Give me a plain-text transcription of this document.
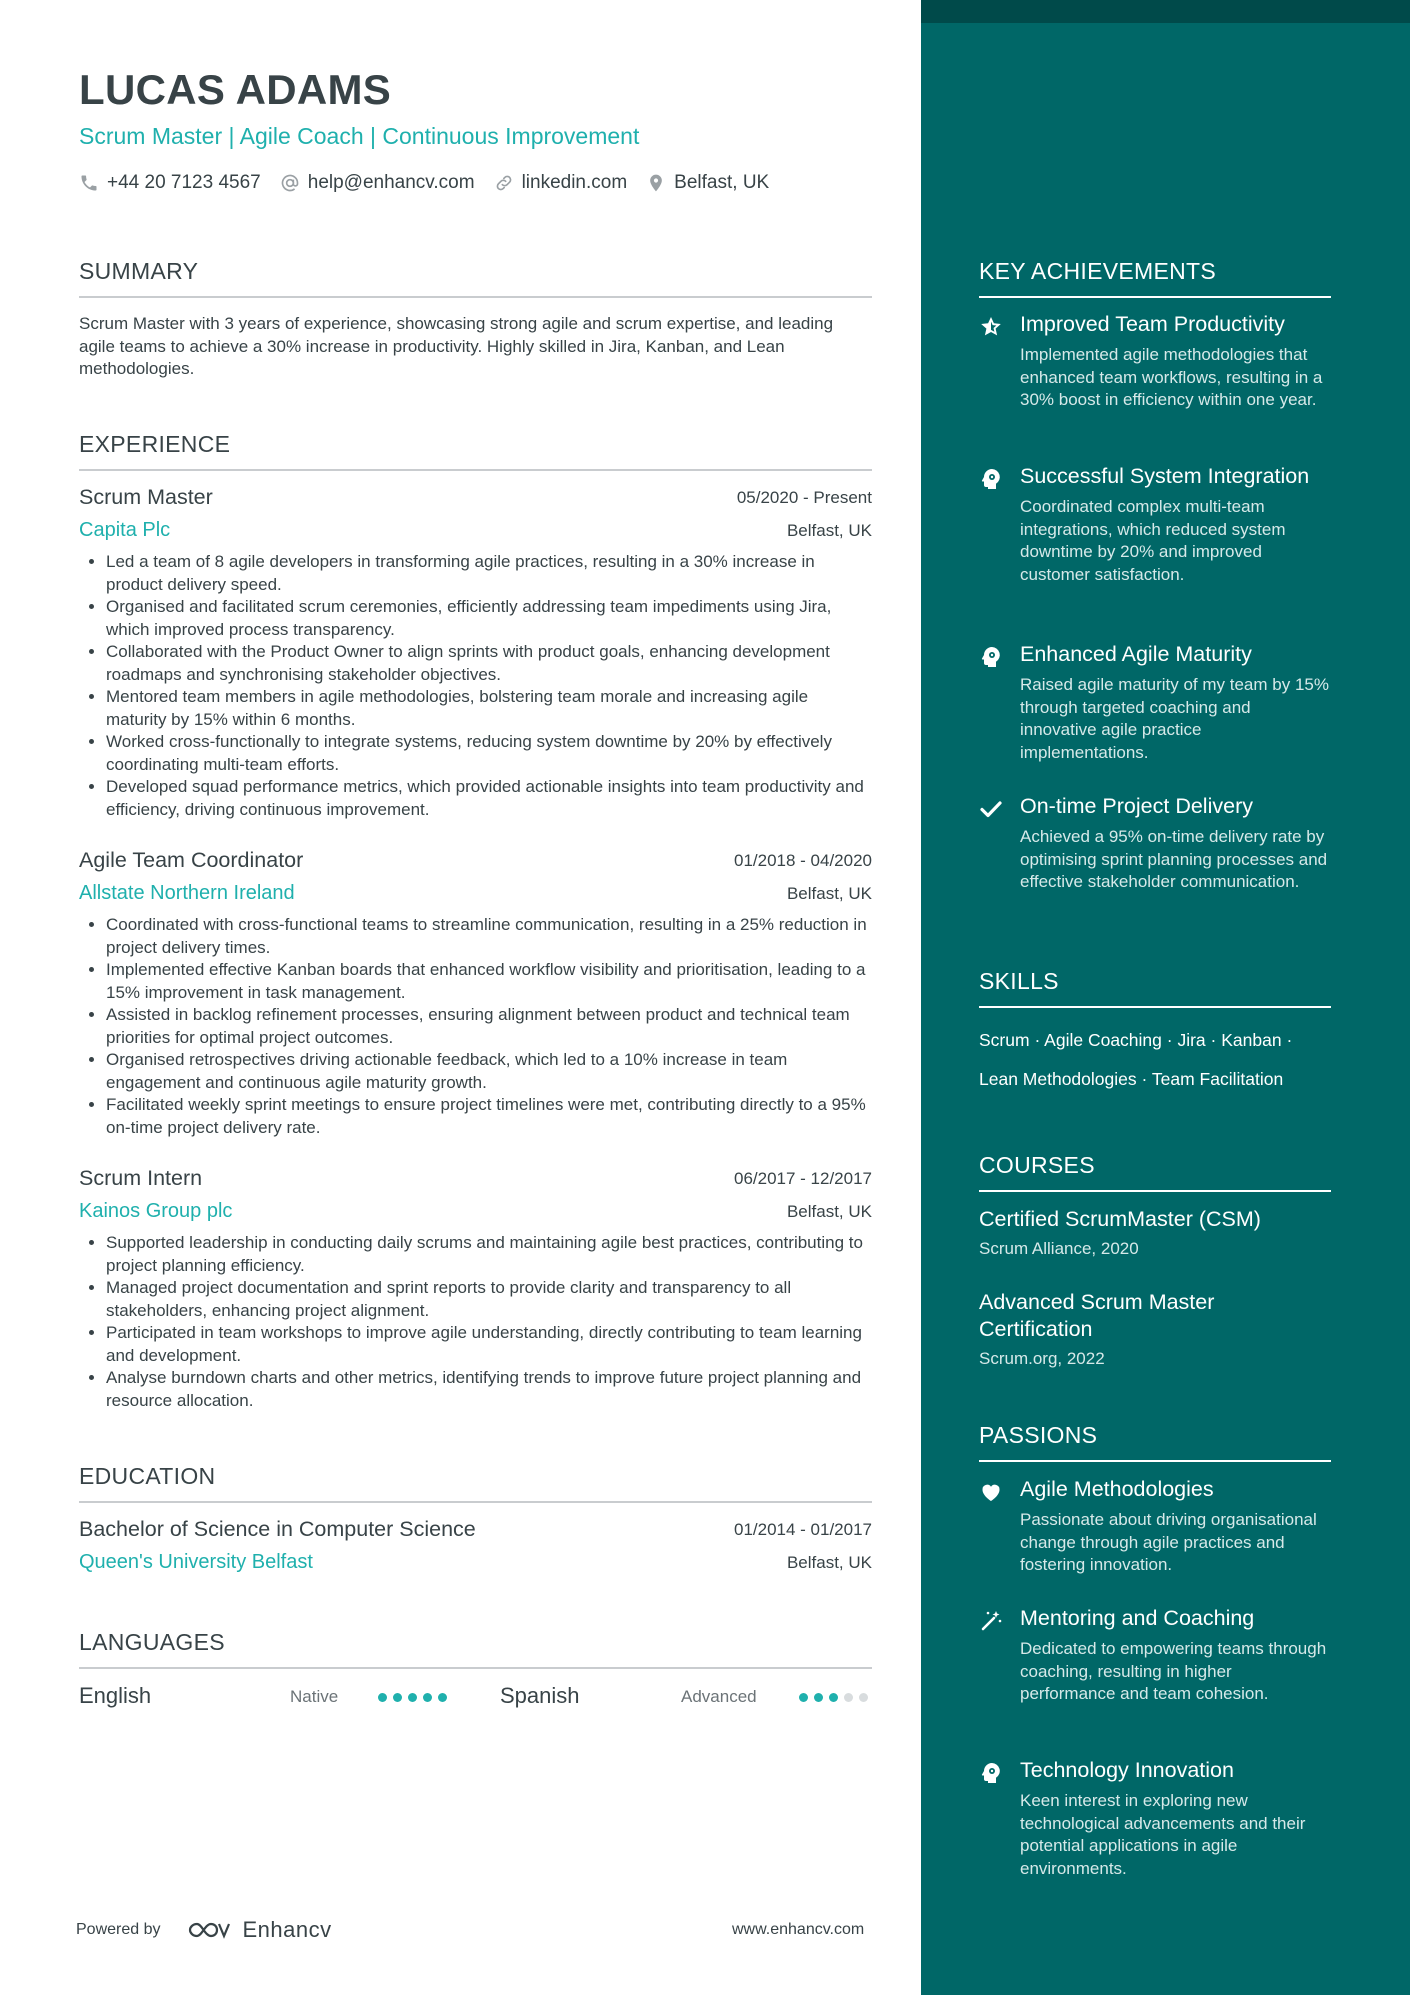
LUCAS ADAMS
Scrum Master | Agile Coach | Continuous Improvement
+44 20 7123 4567 help@enhancv.com linkedin.com Belfast, UK
SUMMARY
Scrum Master with 3 years of experience, showcasing strong agile and scrum expertise, and leading agile teams to achieve a 30% increase in productivity. Highly skilled in Jira, Kanban, and Lean methodologies.
EXPERIENCE
Scrum Master	05/2020 - Present
Capita Plc	Belfast, UK
• Led a team of 8 agile developers in transforming agile practices, resulting in a 30% increase in product delivery speed.
• Organised and facilitated scrum ceremonies, efficiently addressing team impediments using Jira, which improved process transparency.
• Collaborated with the Product Owner to align sprints with product goals, enhancing development roadmaps and synchronising stakeholder objectives.
• Mentored team members in agile methodologies, bolstering team morale and increasing agile maturity by 15% within 6 months.
• Worked cross-functionally to integrate systems, reducing system downtime by 20% by effectively coordinating multi-team efforts.
• Developed squad performance metrics, which provided actionable insights into team productivity and efficiency, driving continuous improvement.
Agile Team Coordinator	01/2018 - 04/2020
Allstate Northern Ireland	Belfast, UK
• Coordinated with cross-functional teams to streamline communication, resulting in a 25% reduction in project delivery times.
• Implemented effective Kanban boards that enhanced workflow visibility and prioritisation, leading to a 15% improvement in task management.
• Assisted in backlog refinement processes, ensuring alignment between product and technical team priorities for optimal project outcomes.
• Organised retrospectives driving actionable feedback, which led to a 10% increase in team engagement and continuous agile maturity growth.
• Facilitated weekly sprint meetings to ensure project timelines were met, contributing directly to a 95% on-time project delivery rate.
Scrum Intern	06/2017 - 12/2017
Kainos Group plc	Belfast, UK
• Supported leadership in conducting daily scrums and maintaining agile best practices, contributing to project planning efficiency.
• Managed project documentation and sprint reports to provide clarity and transparency to all stakeholders, enhancing project alignment.
• Participated in team workshops to improve agile understanding, directly contributing to team learning and development.
• Analyse burndown charts and other metrics, identifying trends to improve future project planning and resource allocation.
EDUCATION
Bachelor of Science in Computer Science	01/2014 - 01/2017
Queen's University Belfast	Belfast, UK
LANGUAGES
English	Native	Spanish	Advanced
Powered by	Enhancv	www.enhancv.com
KEY ACHIEVEMENTS
Improved Team Productivity
Implemented agile methodologies that enhanced team workflows, resulting in a 30% boost in efficiency within one year.
Successful System Integration
Coordinated complex multi-team integrations, which reduced system downtime by 20% and improved customer satisfaction.
Enhanced Agile Maturity
Raised agile maturity of my team by 15% through targeted coaching and innovative agile practice implementations.
On-time Project Delivery
Achieved a 95% on-time delivery rate by optimising sprint planning processes and effective stakeholder communication.
SKILLS
Scrum · Agile Coaching · Jira · Kanban ·
Lean Methodologies · Team Facilitation
COURSES
Certified ScrumMaster (CSM)
Scrum Alliance, 2020
Advanced Scrum Master Certification
Scrum.org, 2022
PASSIONS
Agile Methodologies
Passionate about driving organisational change through agile practices and fostering innovation.
Mentoring and Coaching
Dedicated to empowering teams through coaching, resulting in higher performance and team cohesion.
Technology Innovation
Keen interest in exploring new technological advancements and their potential applications in agile environments.
